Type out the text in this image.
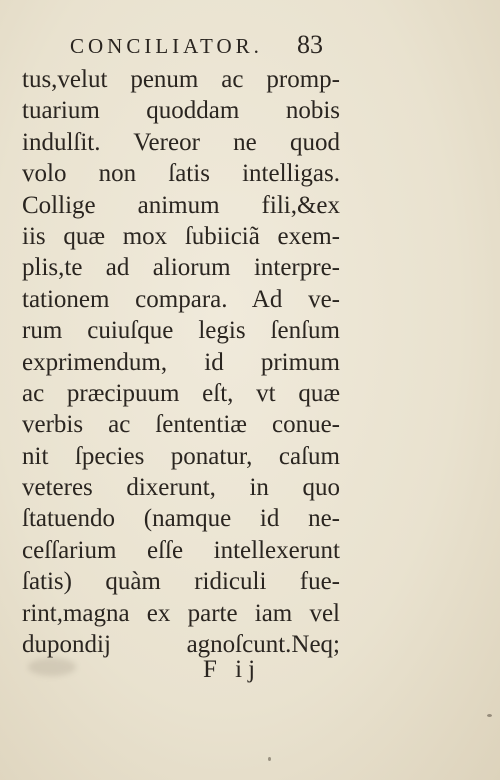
CONCILIATOR.	83
tus,velut penum ac promp-
tuarium quoddam nobis
indulſit. Vereor ne quod
volo non ſatis intelligas.
Collige animum fili,&ex
iis quæ mox ſubiiciã exem-
plis,te ad aliorum interpre-
tationem compara. Ad ve-
rum cuiuſque legis ſenſum
exprimendum, id primum
ac præcipuum eſt, vt quæ
verbis ac ſententiæ conue-
nit ſpecies ponatur, caſum
veteres dixerunt, in quo
ſtatuendo (namque id ne-
ceſſarium eſſe intellexerunt
ſatis) quàm ridiculi fue-
rint,magna ex parte iam vel
dupondij agnoſcunt.Neq;
F ij
